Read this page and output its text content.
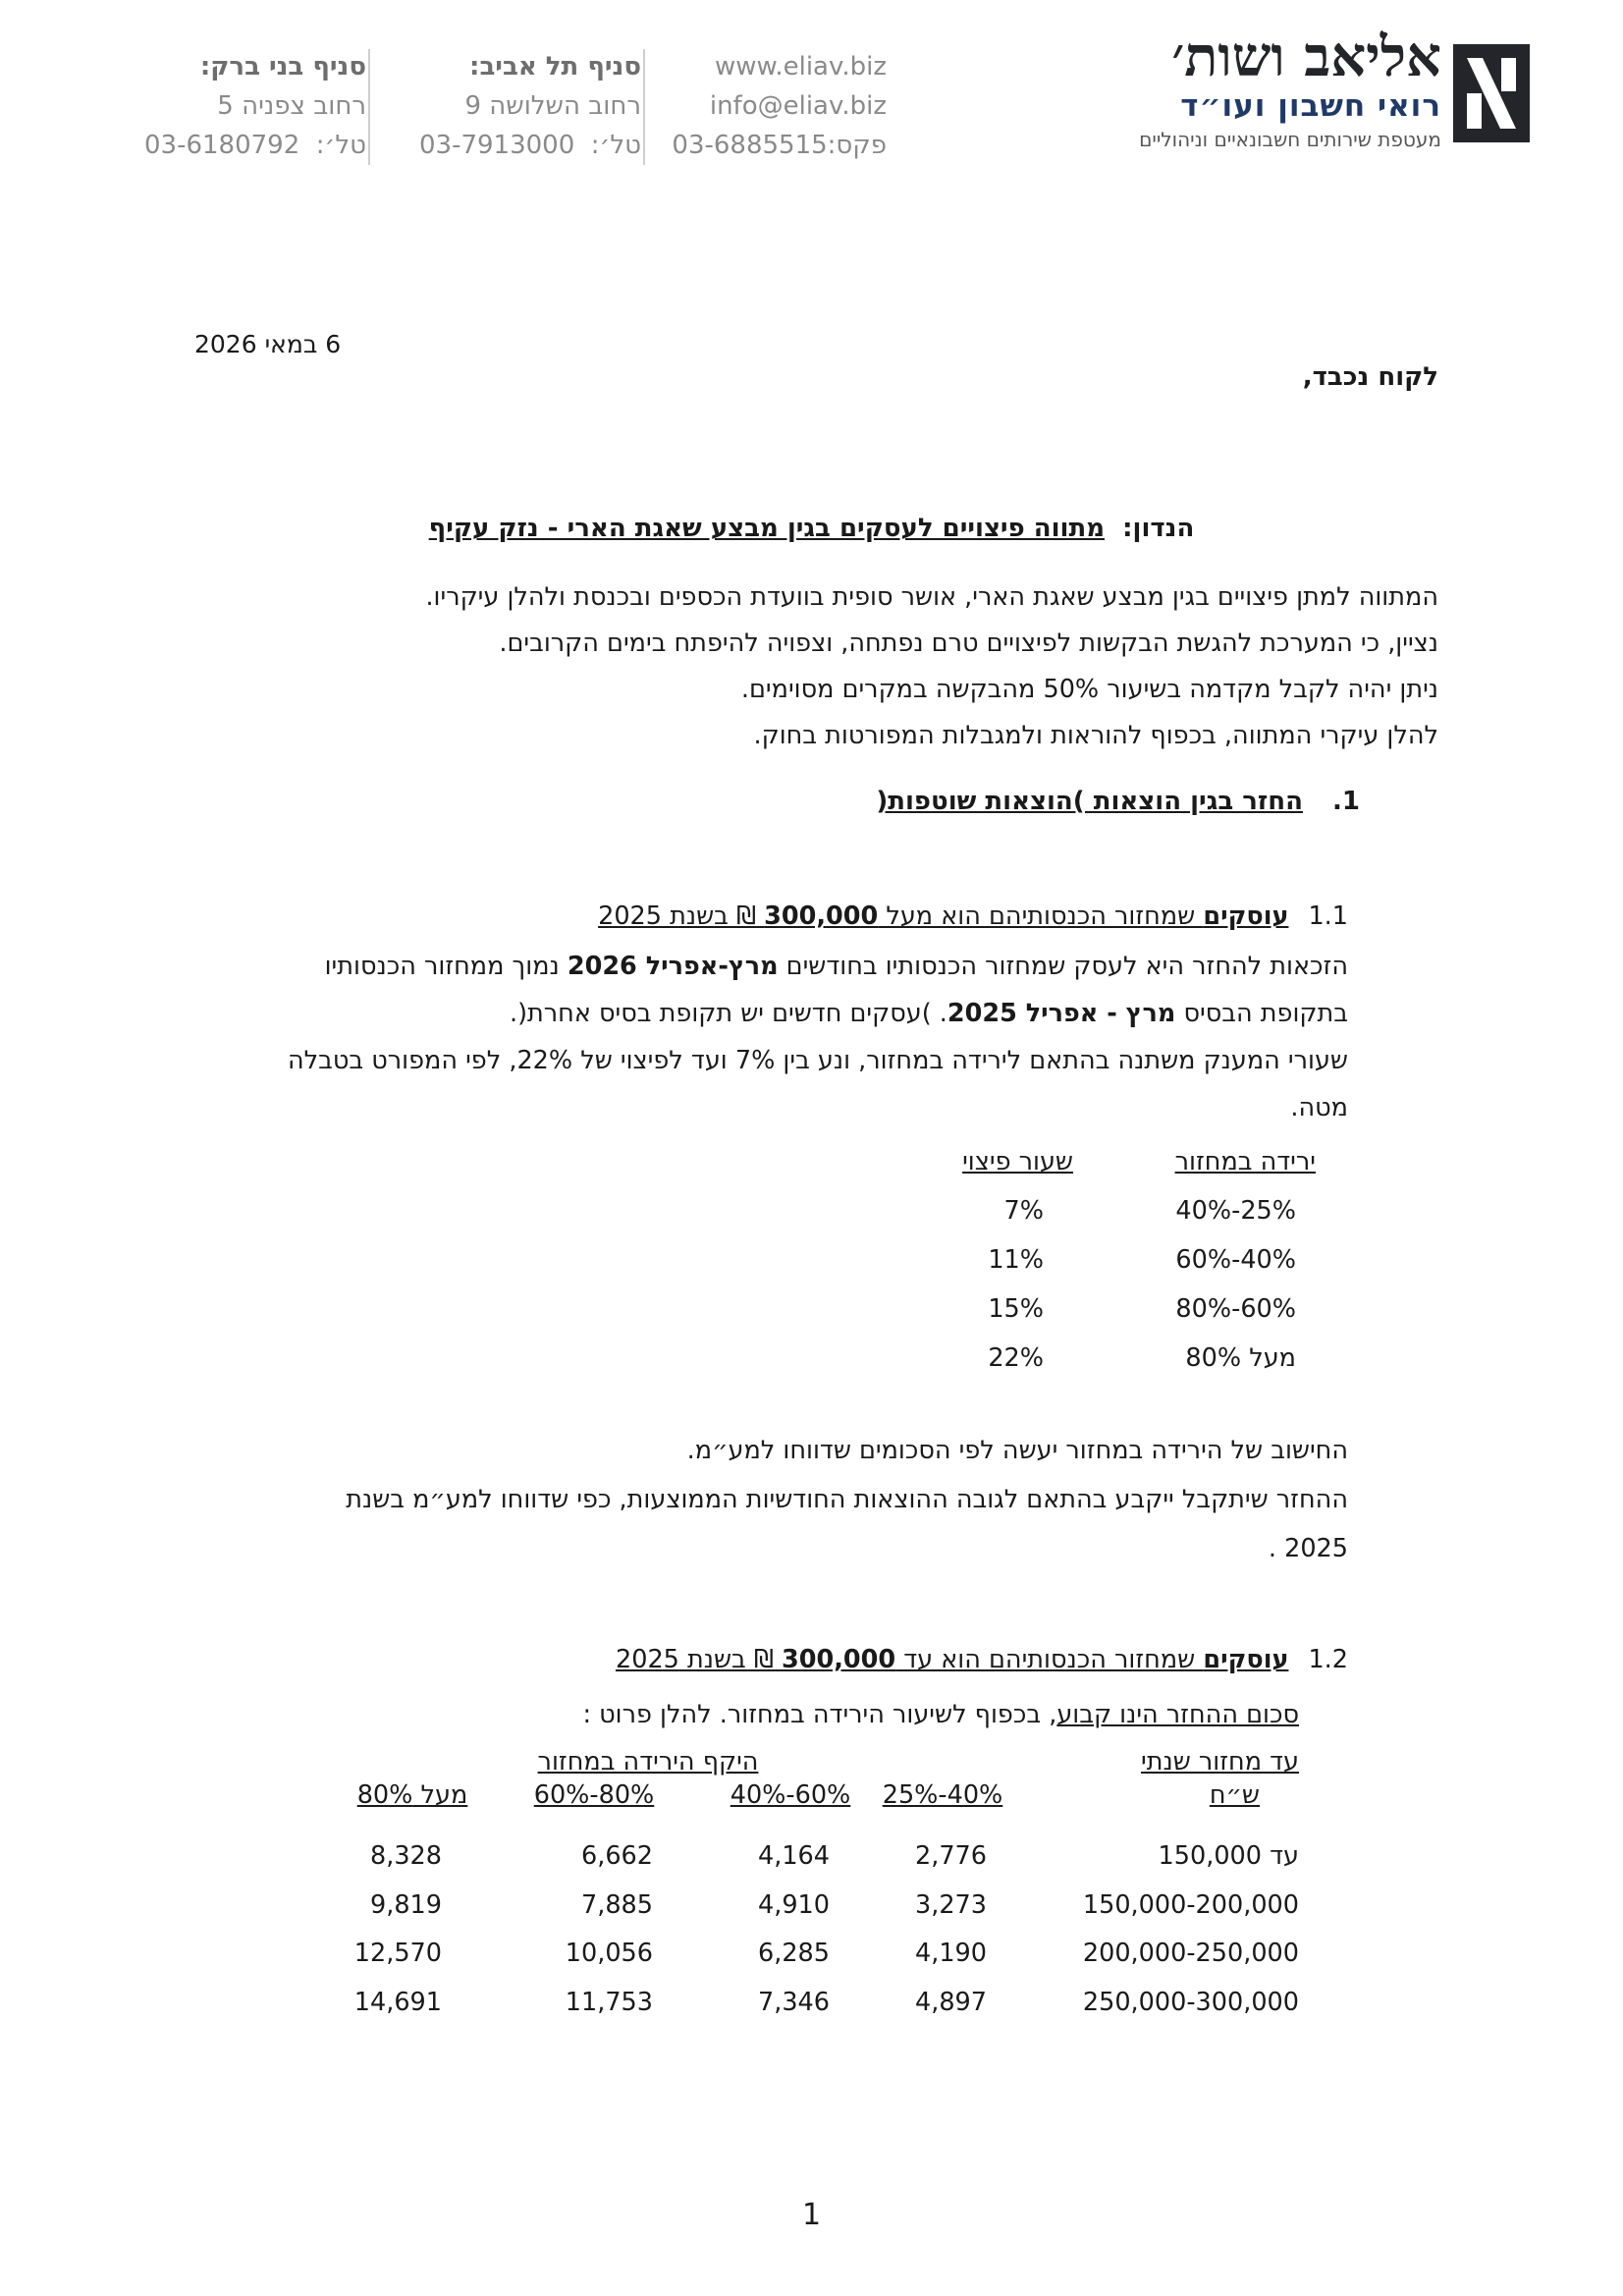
אליאב ושות׳
רואי חשבון ועו״ד
מעטפת שירותים חשבונאיים וניהוליים
www.eliav.biz
info@eliav.biz
פקס:03-6885515
סניף תל אביב:
רחוב השלושה 9
טל׳:  03-7913000
סניף בני ברק:
רחוב צפניה 5
טל׳:  03-6180792
6 במאי 2026
לקוח נכבד,
הנדון:  מתווה פיצויים לעסקים בגין מבצע שאגת הארי - נזק עקיף
המתווה למתן פיצויים בגין מבצע שאגת הארי, אושר סופית בוועדת הכספים ובכנסת ולהלן עיקריו.
נציין, כי המערכת להגשת הבקשות לפיצויים טרם נפתחה, וצפויה להיפתח בימים הקרובים.
ניתן יהיה לקבל מקדמה בשיעור 50% מהבקשה במקרים מסוימים.
להלן עיקרי המתווה, בכפוף להוראות ולמגבלות המפורטות בחוק.
1.החזר בגין הוצאות )הוצאות שוטפות(
1.1עוסקים שמחזור הכנסותיהם הוא מעל 300,000 ₪ בשנת 2025
הזכאות להחזר היא לעסק שמחזור הכנסותיו בחודשים מרץ-אפריל 2026 נמוך ממחזור הכנסותיו
בתקופת הבסיס מרץ - אפריל 2025. )עסקים חדשים יש תקופת בסיס אחרת(.
שעורי המענק משתנה בהתאם לירידה במחזור, ונע בין 7% ועד לפיצוי של 22%, לפי המפורט בטבלה
מטה.
ירידה במחזור
25%-40%
40%-60%
60%-80%
מעל 80%
שעור פיצוי
7%
11%
15%
22%
החישוב של הירידה במחזור יעשה לפי הסכומים שדווחו למע״מ.
ההחזר שיתקבל ייקבע בהתאם לגובה ההוצאות החודשיות הממוצעות, כפי שדווחו למע״מ בשנת
2025 .
1.2עוסקים שמחזור הכנסותיהם הוא עד 300,000 ₪ בשנת 2025
סכום ההחזר הינו קבוע, בכפוף לשיעור הירידה במחזור. להלן פרוט :
היקף הירידה במחזור	עד מחזור שנתי
ש״ח
25%-40%
40%-60%
60%-80%
מעל 80%
עד 150,000
150,000-200,000
200,000-250,000
250,000-300,000
2,776
3,273
4,190
4,897
4,164
4,910
6,285
7,346
6,662
7,885
10,056
11,753
8,328
9,819
12,570
14,691
1
